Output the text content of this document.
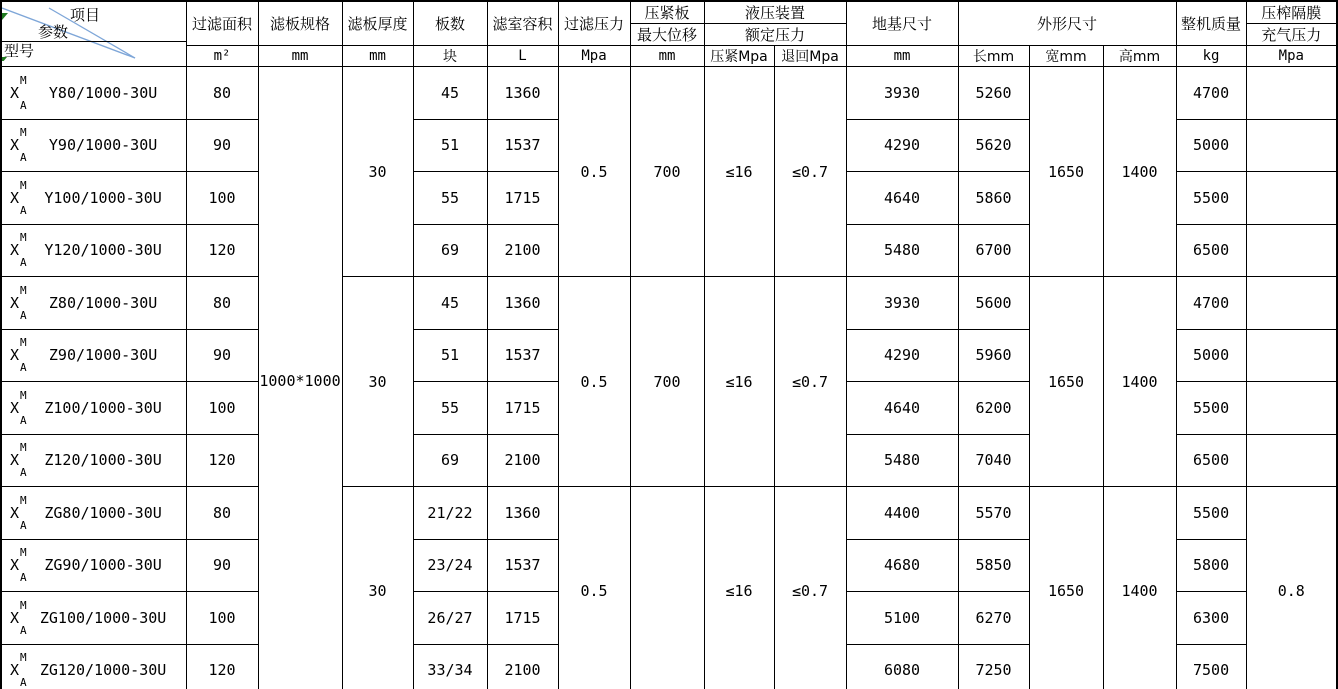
项目
参数
型号	过滤面积	滤板规格	滤板厚度	板数	滤室容积	过滤压力	压紧板	液压装置		地基尺寸	外形尺寸			整机质量	压榨隔膜
							最大位移	额定压力							充气压力
	m²	mm	mm	块	L	Mpa	mm	压紧Mpa	退回Mpa	mm	长mm	宽mm	高mm	kg	Mpa

X
M
A
Y80/1000-30U	80	1000*1000	30	45	1360	0.5	700	≤16	≤0.7	3930	5260	1650	1400	4700	

X
M
A
Y90/1000-30U	90			51	1537					4290	5620			5000	

X
M
A
Y100/1000-30U	100			55	1715					4640	5860			5500	

X
M
A
Y120/1000-30U	120			69	2100					5480	6700			6500	

X
M
A
Z80/1000-30U	80		30	45	1360	0.5	700	≤16	≤0.7	3930	5600	1650	1400	4700	

X
M
A
Z90/1000-30U	90			51	1537					4290	5960			5000	

X
M
A
Z100/1000-30U	100			55	1715					4640	6200			5500	

X
M
A
Z120/1000-30U	120			69	2100					5480	7040			6500	

X
M
A
ZG80/1000-30U	80		30	21/22	1360	0.5		≤16	≤0.7	4400	5570	1650	1400	5500	0.8

X
M
A
ZG90/1000-30U	90			23/24	1537					4680	5850			5800	

X
M
A
ZG100/1000-30U	100			26/27	1715					5100	6270			6300	

X
M
A
ZG120/1000-30U	120			33/34	2100					6080	7250			7500	
